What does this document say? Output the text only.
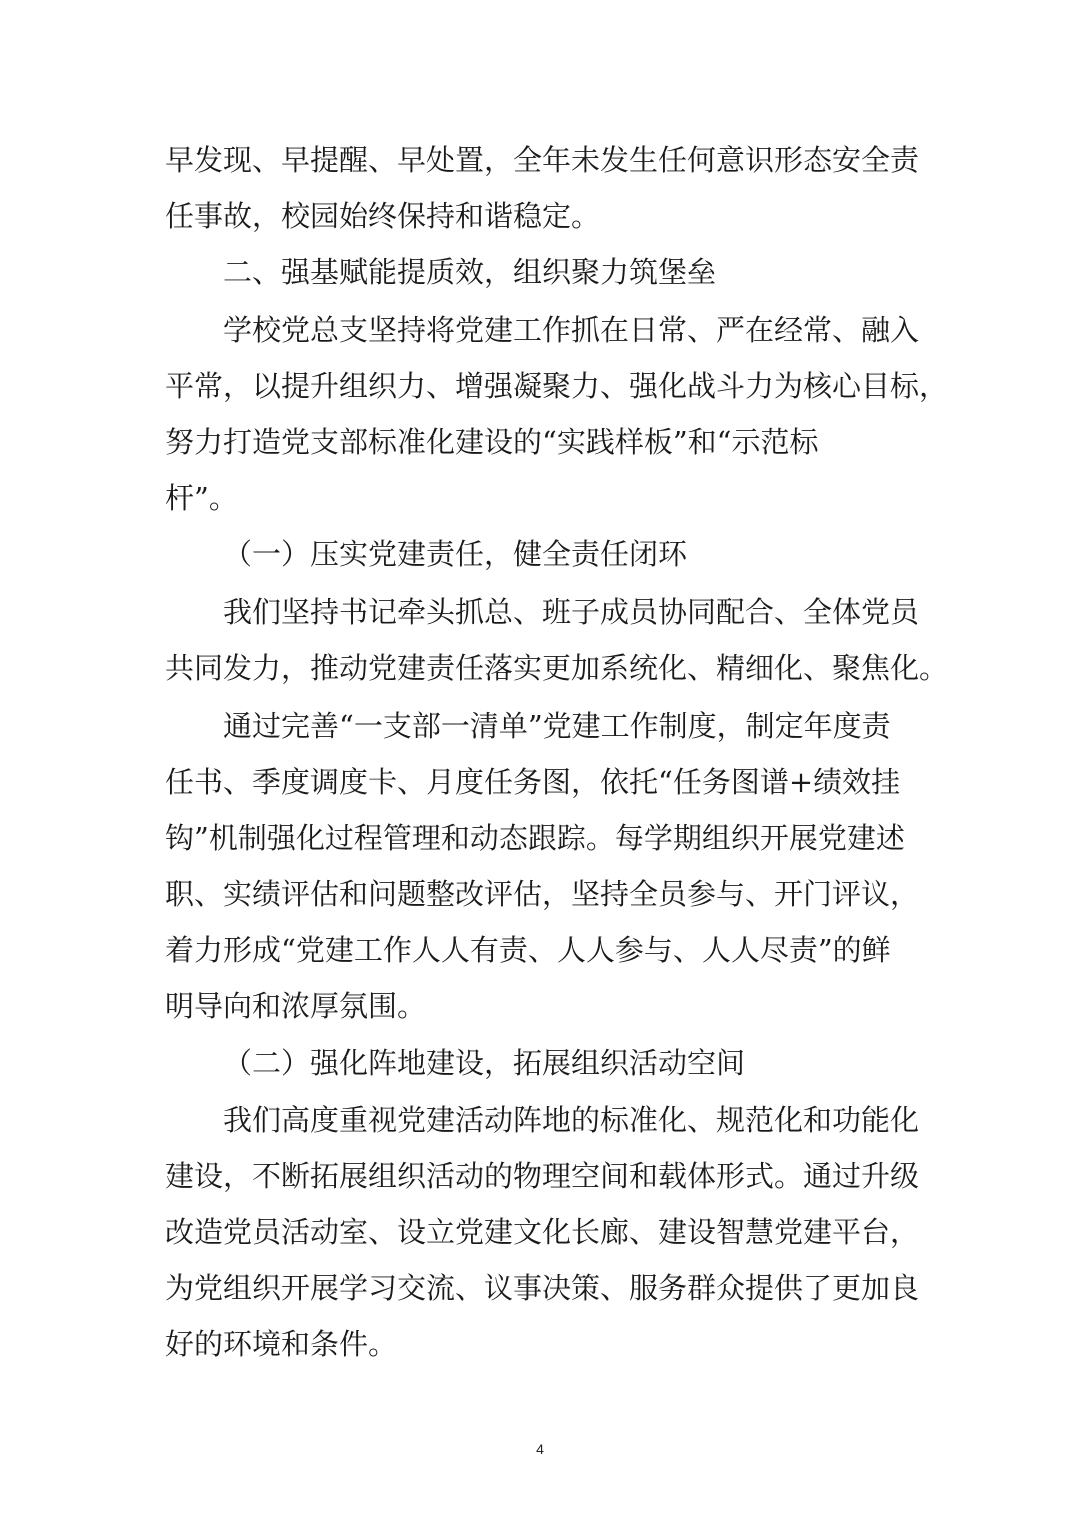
早发现、早提醒、早处置，全年未发生任何意识形态安全责

任事故，校园始终保持和谐稳定。

二、强基赋能提质效，组织聚力筑堡垒

学校党总支坚持将党建工作抓在日常、严在经常、融入

平常，以提升组织力、增强凝聚力、强化战斗力为核心目标，

努力打造党支部标准化建设的“实践样板”和“示范标

杆”。

（一）压实党建责任，健全责任闭环

我们坚持书记牵头抓总、班子成员协同配合、全体党员

共同发力，推动党建责任落实更加系统化、精细化、聚焦化。

通过完善“一支部一清单”党建工作制度，制定年度责

任书、季度调度卡、月度任务图，依托“任务图谱+绩效挂

钩”机制强化过程管理和动态跟踪。每学期组织开展党建述

职、实绩评估和问题整改评估，坚持全员参与、开门评议，

着力形成“党建工作人人有责、人人参与、人人尽责”的鲜

明导向和浓厚氛围。

（二）强化阵地建设，拓展组织活动空间

我们高度重视党建活动阵地的标准化、规范化和功能化

建设，不断拓展组织活动的物理空间和载体形式。通过升级

改造党员活动室、设立党建文化长廊、建设智慧党建平台，

为党组织开展学习交流、议事决策、服务群众提供了更加良

好的环境和条件。

4
